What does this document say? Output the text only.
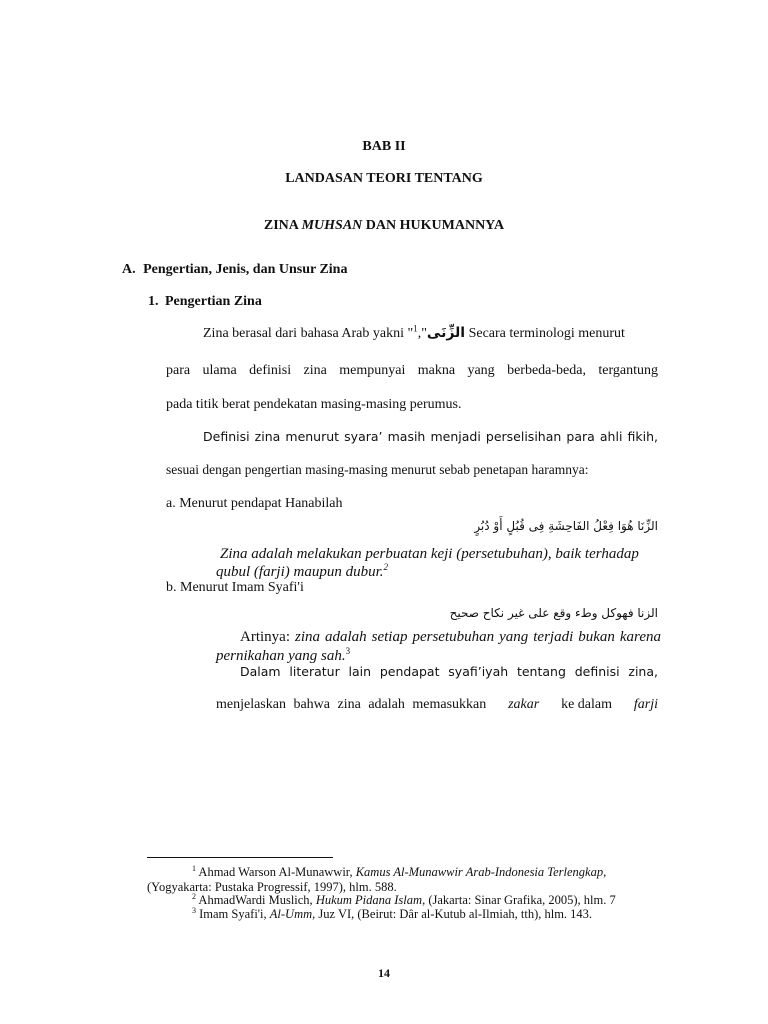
BAB II
LANDASAN TEORI TENTANG
ZINA MUHSAN DAN HUKUMANNYA
A. Pengertian, Jenis, dan Unsur Zina
1. Pengertian Zina
Zina berasal dari bahasa Arab yakni " الزِّنَى",$^1$	Secara terminologi menurut
para ulama definisi zina mempunyai makna yang berbeda-beda, tergantung
pada titik berat pendekatan masing-masing perumus.
Definisi zina menurut syara’ masih menjadi perselisihan para ahli fikih,
sesuai dengan pengertian masing-masing menurut sebab penetapan haramnya:
a. Menurut pendapat Hanabilah
الزِّنَا هُوَا فِعْلُ الفَاحِشَةِ فِى قُبُلٍ أَوْ دُبُرٍ
Zina adalah melakukan perbuatan keji (persetubuhan), baik terhadap qubul (farji) maupun dubur.$^2$
b. Menurut Imam Syafi'i
الزنا فهوكل وطء وقع على غير نكاح صحيح
Artinya: zina adalah setiap persetubuhan yang terjadi bukan karena pernikahan yang sah.$^3$
Dalam literatur lain pendapat syafi’iyah tentang definisi zina,
menjelaskan bahwa zina adalah memasukkan zakar ke dalam farji
$^1$ Ahmad Warson Al-Munawwir, Kamus Al-Munawwir Arab-Indonesia Terlengkap,
(Yogyakarta: Pustaka Progressif, 1997), hlm. 588.
$^2$ AhmadWardi Muslich, Hukum Pidana Islam, (Jakarta: Sinar Grafika, 2005), hlm. 7
$^3$ Imam Syafi'i, Al-Umm, Juz VI, (Beirut: Dâr al-Kutub al-Ilmiah, tth), hlm. 143.
14
